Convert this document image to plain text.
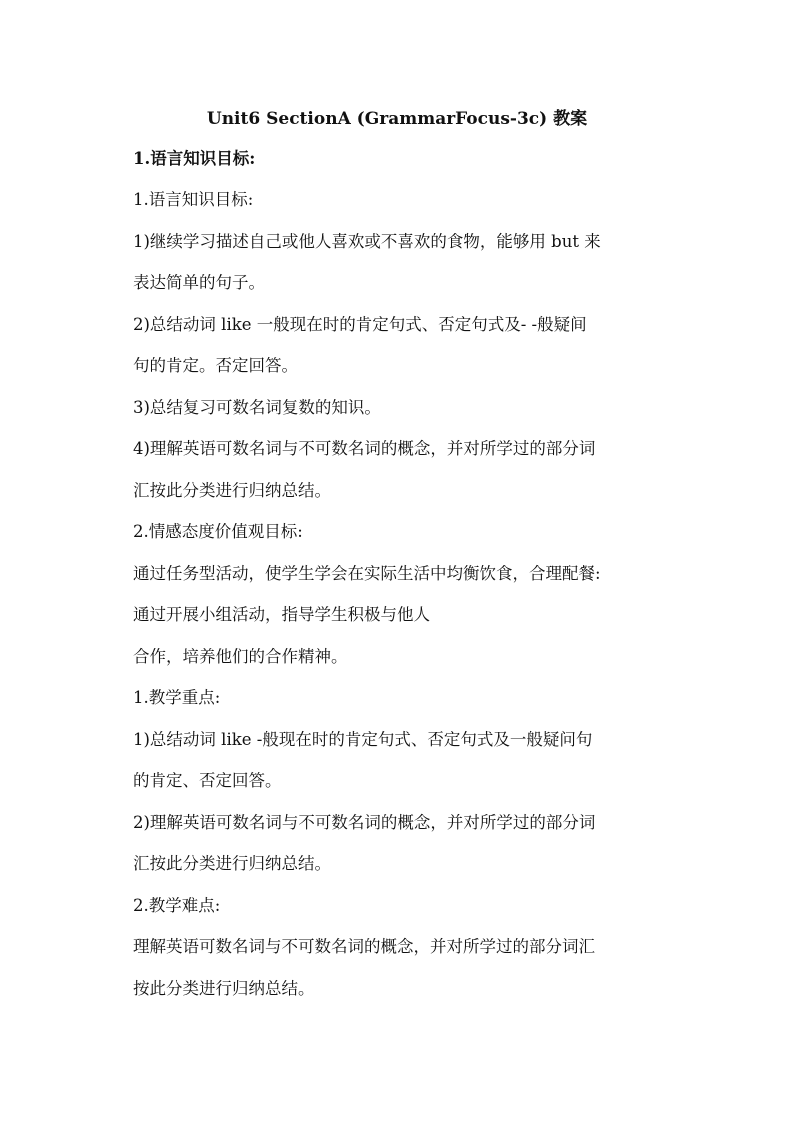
Unit6 SectionA (GrammarFocus-3c) 教案
1.语言知识目标:
1.语言知识目标:
1)继续学习描述自己或他人喜欢或不喜欢的食物，能够用 but 来
表达简单的句子。
2)总结动词 like 一般现在时的肯定句式、否定句式及- -般疑间
句的肯定。否定回答。
3)总结复习可数名词复数的知识。
4)理解英语可数名词与不可数名词的概念，并对所学过的部分词
汇按此分类进行归纳总结。
2.情感态度价值观目标:
通过任务型活动，使学生学会在实际生活中均衡饮食，合理配餐:
通过开展小组活动，指导学生积极与他人
合作，培养他们的合作精神。
1.教学重点:
1)总结动词 like -般现在时的肯定句式、否定句式及一般疑问句
的肯定、否定回答。
2)理解英语可数名词与不可数名词的概念，并对所学过的部分词
汇按此分类进行归纳总结。
2.教学难点:
理解英语可数名词与不可数名词的概念，并对所学过的部分词汇
按此分类进行归纳总结。
